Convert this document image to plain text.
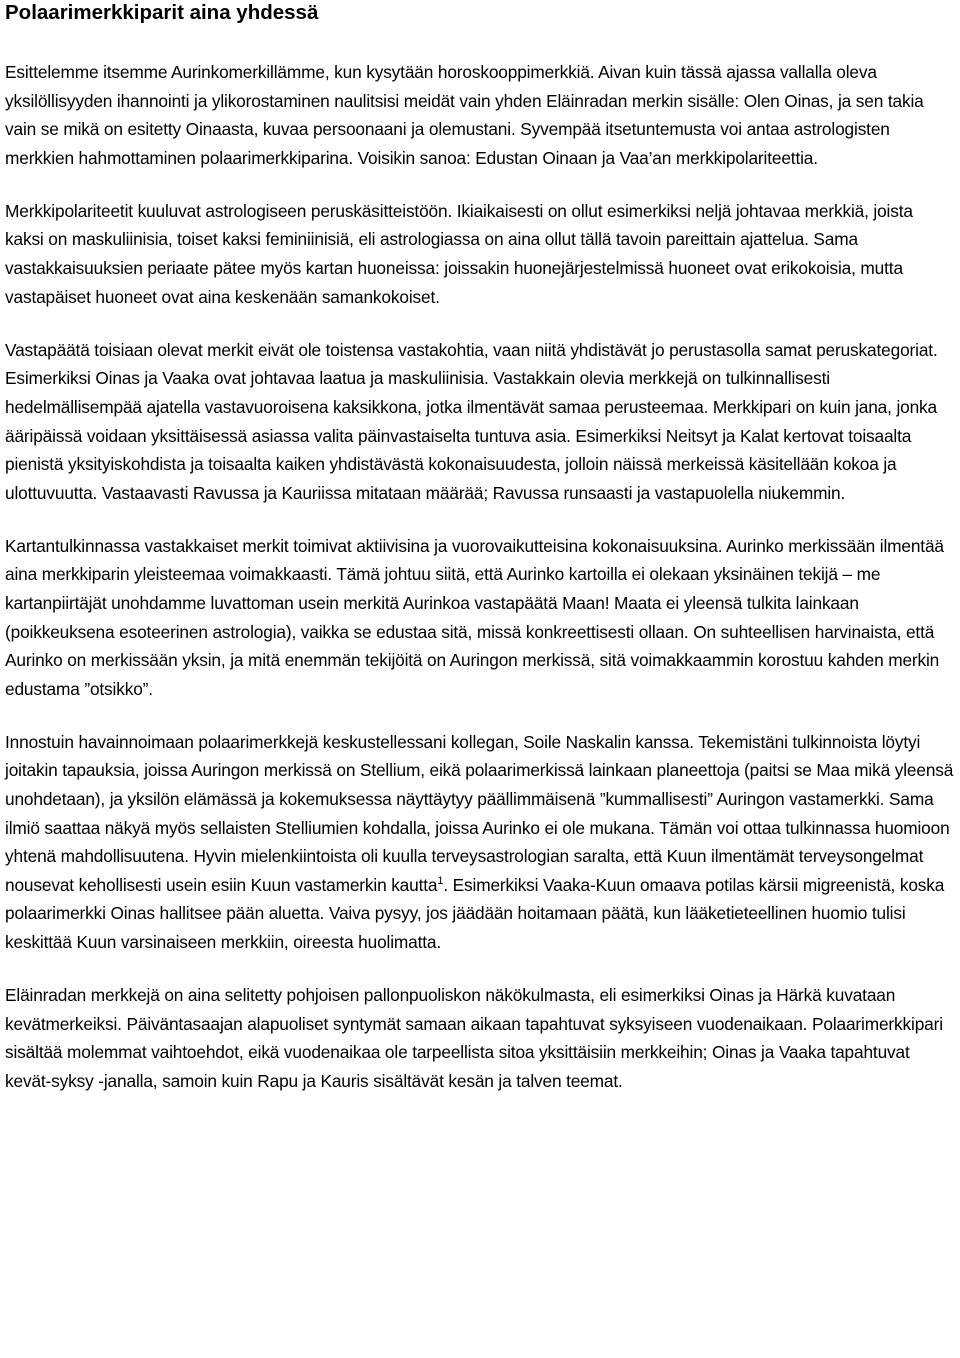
Polaarimerkkiparit aina yhdessä

Esittelemme itsemme Aurinkomerkillämme, kun kysytään horoskooppimerkkiä. Aivan kuin tässä ajassa vallalla oleva yksilöllisyyden ihannointi ja ylikorostaminen naulitsisi meidät vain yhden Eläinradan merkin sisälle: Olen Oinas, ja sen takia vain se mikä on esitetty Oinaasta, kuvaa persoonaani ja olemustani. Syvempää itsetuntemusta voi antaa astrologisten merkkien hahmottaminen polaarimerkkiparina. Voisikin sanoa: Edustan Oinaan ja Vaa’an merkkipolariteettia.

Merkkipolariteetit kuuluvat astrologiseen peruskäsitteistöön. Ikiaikaisesti on ollut esimerkiksi neljä johtavaa merkkiä, joista kaksi on maskuliinisia, toiset kaksi feminiinisiä, eli astrologiassa on aina ollut tällä tavoin pareittain ajattelua. Sama vastakkaisuuksien periaate pätee myös kartan huoneissa: joissakin huonejärjestelmissä huoneet ovat erikokoisia, mutta vastapäiset huoneet ovat aina keskenään samankokoiset.

Vastapäätä toisiaan olevat merkit eivät ole toistensa vastakohtia, vaan niitä yhdistävät jo perustasolla samat peruskategoriat. Esimerkiksi Oinas ja Vaaka ovat johtavaa laatua ja maskuliinisia. Vastakkain olevia merkkejä on tulkinnallisesti hedelmällisempää ajatella vastavuoroisena kaksikkona, jotka ilmentävät samaa perusteemaa. Merkkipari on kuin jana, jonka ääripäissä voidaan yksittäisessä asiassa valita päinvastaiselta tuntuva asia. Esimerkiksi Neitsyt ja Kalat kertovat toisaalta pienistä yksityiskohdista ja toisaalta kaiken yhdistävästä kokonaisuudesta, jolloin näissä merkeissä käsitellään kokoa ja ulottuvuutta. Vastaavasti Ravussa ja Kauriissa mitataan määrää; Ravussa runsaasti ja vastapuolella niukemmin.

Kartantulkinnassa vastakkaiset merkit toimivat aktiivisina ja vuorovaikutteisina kokonaisuuksina. Aurinko merkissään ilmentää aina merkkiparin yleisteemaa voimakkaasti. Tämä johtuu siitä, että Aurinko kartoilla ei olekaan yksinäinen tekijä – me kartanpiirtäjät unohdamme luvattoman usein merkitä Aurinkoa vastapäätä Maan! Maata ei yleensä tulkita lainkaan (poikkeuksena esoteerinen astrologia), vaikka se edustaa sitä, missä konkreettisesti ollaan. On suhteellisen harvinaista, että Aurinko on merkissään yksin, ja mitä enemmän tekijöitä on Auringon merkissä, sitä voimakkaammin korostuu kahden merkin edustama ”otsikko”.

Innostuin havainnoimaan polaarimerkkejä keskustellessani kollegan, Soile Naskalin kanssa. Tekemistäni tulkinnoista löytyi joitakin tapauksia, joissa Auringon merkissä on Stellium, eikä polaarimerkissä lainkaan planeettoja (paitsi se Maa mikä yleensä unohdetaan), ja yksilön elämässä ja kokemuksessa näyttäytyy päällimmäisenä ”kummallisesti” Auringon vastamerkki. Sama ilmiö saattaa näkyä myös sellaisten Stelliumien kohdalla, joissa Aurinko ei ole mukana. Tämän voi ottaa tulkinnassa huomioon yhtenä mahdollisuutena. Hyvin mielenkiintoista oli kuulla terveysastrologian saralta, että Kuun ilmentämät terveysongelmat nousevat kehollisesti usein esiin Kuun vastamerkin kautta$^1$. Esimerkiksi Vaaka-Kuun omaava potilas kärsii migreenistä, koska polaarimerkki Oinas hallitsee pään aluetta. Vaiva pysyy, jos jäädään hoitamaan päätä, kun lääketieteellinen huomio tulisi keskittää Kuun varsinaiseen merkkiin, oireesta huolimatta.

Eläinradan merkkejä on aina selitetty pohjoisen pallonpuoliskon näkökulmasta, eli esimerkiksi Oinas ja Härkä kuvataan kevätmerkeiksi. Päiväntasaajan alapuoliset syntymät samaan aikaan tapahtuvat syksyiseen vuodenaikaan. Polaarimerkkipari sisältää molemmat vaihtoehdot, eikä vuodenaikaa ole tarpeellista sitoa yksittäisiin merkkeihin; Oinas ja Vaaka tapahtuvat kevät-syksy -janalla, samoin kuin Rapu ja Kauris sisältävät kesän ja talven teemat.
